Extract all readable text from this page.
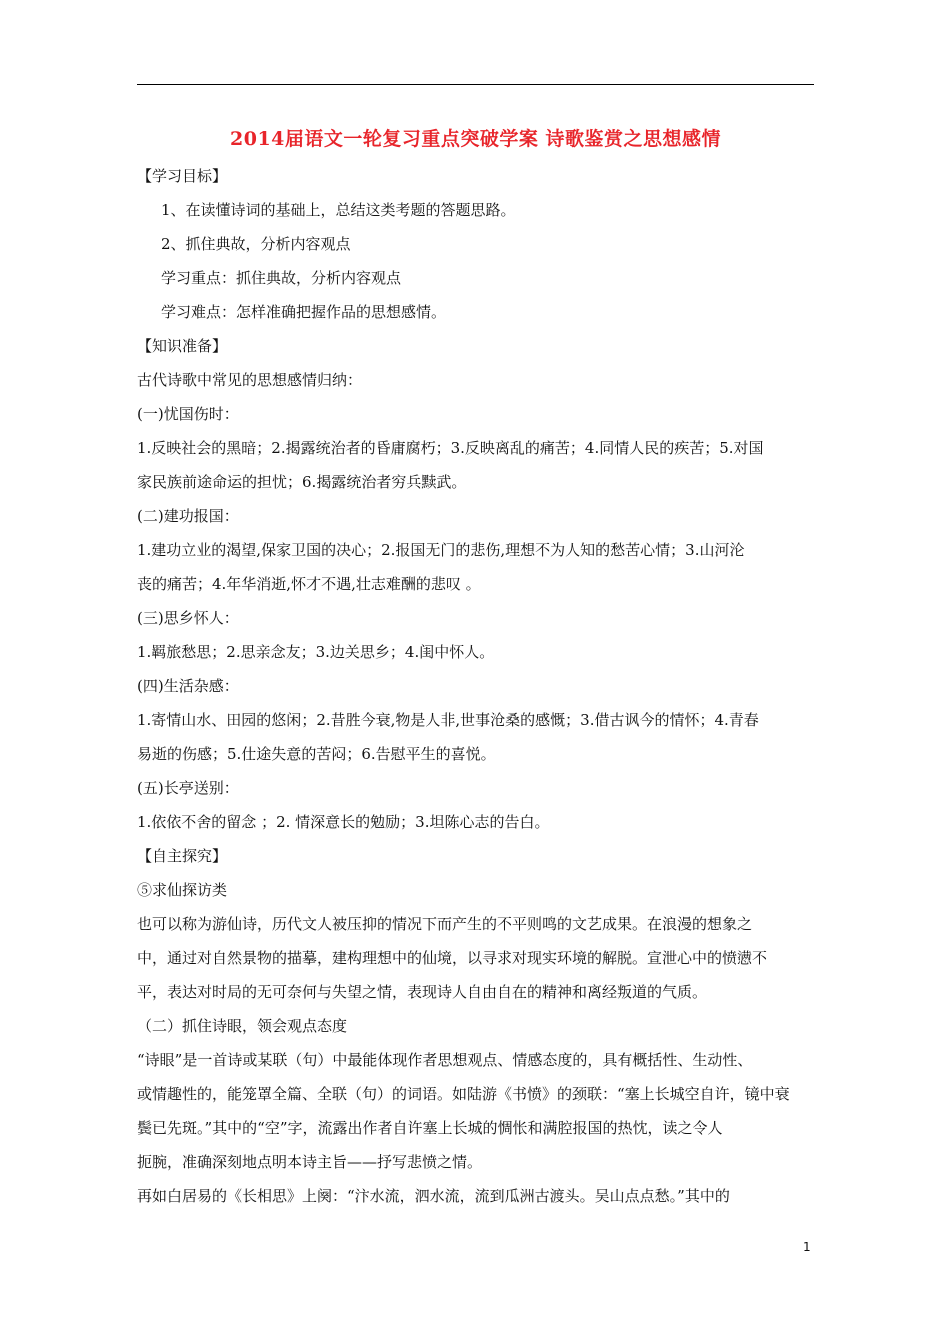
2014届语文一轮复习重点突破学案 诗歌鉴赏之思想感情
【学习目标】
1、在读懂诗词的基础上，总结这类考题的答题思路。
2、抓住典故，分析内容观点
学习重点：抓住典故，分析内容观点
学习难点：怎样准确把握作品的思想感情。
【知识准备】
古代诗歌中常见的思想感情归纳：
(一)忧国伤时：
1.反映社会的黑暗；2.揭露统治者的昏庸腐朽；3.反映离乱的痛苦；4.同情人民的疾苦；5.对国
家民族前途命运的担忧；6.揭露统治者穷兵黩武。
(二)建功报国：
1.建功立业的渴望,保家卫国的决心；2.报国无门的悲伤,理想不为人知的愁苦心情；3.山河沦
丧的痛苦；4.年华消逝,怀才不遇,壮志难酬的悲叹 。
(三)思乡怀人：
1.羁旅愁思；2.思亲念友；3.边关思乡；4.闺中怀人。
(四)生活杂感：
1.寄情山水、田园的悠闲；2.昔胜今衰,物是人非,世事沧桑的感慨；3.借古讽今的情怀；4.青春
易逝的伤感；5.仕途失意的苦闷；6.告慰平生的喜悦。
(五)长亭送别：
1.依依不舍的留念 ；2. 情深意长的勉励；3.坦陈心志的告白。
【自主探究】
⑤求仙探访类
也可以称为游仙诗，历代文人被压抑的情况下而产生的不平则鸣的文艺成果。在浪漫的想象之
中，通过对自然景物的描摹，建构理想中的仙境，以寻求对现实环境的解脱。宣泄心中的愤懑不
平，表达对时局的无可奈何与失望之情，表现诗人自由自在的精神和离经叛道的气质。
（二）抓住诗眼，领会观点态度
“诗眼”是一首诗或某联（句）中最能体现作者思想观点、情感态度的，具有概括性、生动性、
或情趣性的，能笼罩全篇、全联（句）的词语。如陆游《书愤》的颈联：“塞上长城空自许，镜中衰
鬓已先斑。”其中的“空”字，流露出作者自许塞上长城的惆怅和满腔报国的热忱，读之令人
扼腕，准确深刻地点明本诗主旨——抒写悲愤之情。
再如白居易的《长相思》上阕：“汴水流，泗水流，流到瓜洲古渡头。吴山点点愁。”其中的
1
